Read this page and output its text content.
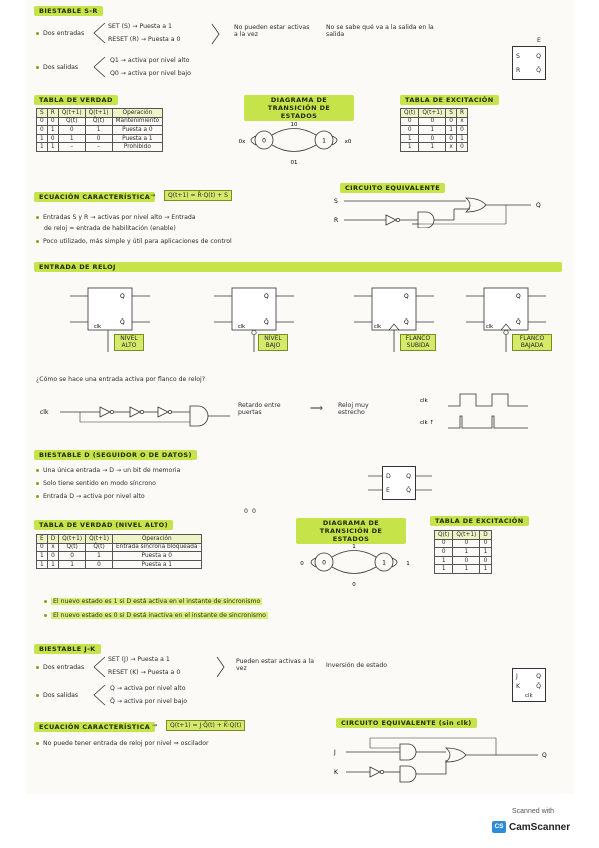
BIESTABLE S-R
Dos entradas
SET (S) → Puesta a 1
RESET (R) → Puesta a 0
No pueden estar activas a la vez
No se sabe qué va a la salida en la salida
Dos salidas
Q1 → activa por nivel alto
Q0 → activa por nivel bajo
S
R
Q
Q̄
E
TABLA DE VERDAD
S	R	Q(t+1)	Q̄(t+1)	Operación
0	0	Q(t)	Q̄(t)	Mantenimiento
0	1	0	1	Puesta a 0
1	0	1	0	Puesta a 1
1	1	–	–	Prohibido
DIAGRAMA DE TRANSICIÓN DE ESTADOS
0	1
10
01
0x	x0
TABLA DE EXCITACIÓN
Q(t)	Q(t+1)	S	R
0	0	0	x
0	1	1	0
1	0	0	1
1	1	x	0
ECUACIÓN CARACTERÍSTICA →	Q(t+1) = R̄·Q(t) + S
CIRCUITO EQUIVALENTE
S
R
Q
Entradas S y R → activas por nivel alto → Entrada
de reloj = entrada de habilitación (enable)
Poco utilizado, más simple y útil para aplicaciones de control
ENTRADA DE RELOJ
Q
Q̄
Q
Q̄
Q
Q̄
Q
Q̄
clk	clk	clk	clk
NIVEL ALTO
NIVEL BAJO
FLANCO SUBIDA
FLANCO BAJADA
¿Cómo se hace una entrada activa por flanco de reloj?
clk
Retardo entre puertas	⟹ Reloj muy estrecho
clk
clk ↑
BIESTABLE D (SEGUIDOR O DE DATOS)
Una única entrada → D → un bit de memoria
Solo tiene sentido en modo síncrono
Entrada D → activa por nivel alto
D
E
Q
Q̄
0 0
TABLA DE VERDAD (NIVEL ALTO)
E	D	Q(t+1)	Q̄(t+1)	Operación
0	x	Q(t)	Q̄(t)	Entrada síncrona bloqueada
1	0	0	1	Puesta a 0
1	1	1	0	Puesta a 1
DIAGRAMA DE TRANSICIÓN DE ESTADOS
0	1
1
0
0	1
TABLA DE EXCITACIÓN
Q(t)	Q(t+1)	D
0	0	0
0	1	1
1	0	0
1	1	1
El nuevo estado es 1 si D está activa en el instante de sincronismo
El nuevo estado es 0 si D está inactiva en el instante de sincronismo
BIESTABLE J-K
Dos entradas
SET (J) → Puesta a 1
RESET (K) → Puesta a 0
Pueden estar activas a la vez	Inversión de estado
Dos salidas
Q → activa por nivel alto
Q̄ → activa por nivel bajo
J
K
Q
Q̄
clk
ECUACIÓN CARACTERÍSTICA →	Q(t+1) = J·Q̄(t) + K̄·Q(t)	CIRCUITO EQUIVALENTE (sin clk)
No puede tener entrada de reloj por nivel ⇒ oscilador
J
K
Q
Scanned with
CS CamScanner
